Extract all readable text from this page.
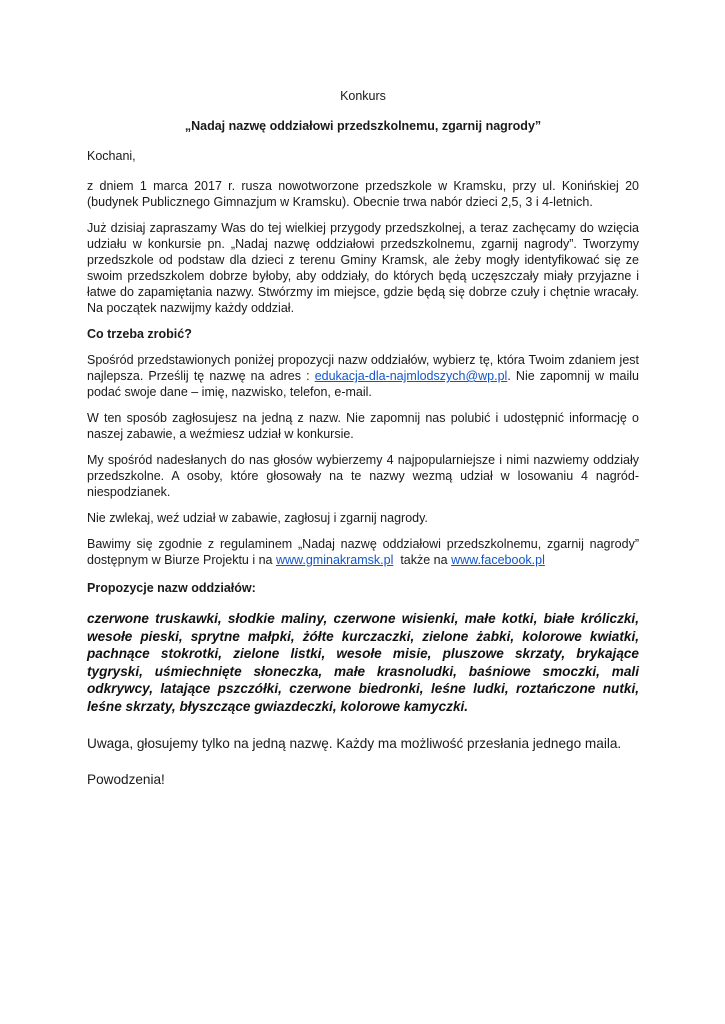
Konkurs

„Nadaj nazwę oddziałowi przedszkolnemu, zgarnij nagrody”

Kochani,

z dniem 1 marca 2017 r. rusza nowotworzone przedszkole w Kramsku, przy ul. Konińskiej 20 (budynek Publicznego Gimnazjum w Kramsku). Obecnie trwa nabór dzieci 2,5, 3 i 4-letnich.

Już dzisiaj zapraszamy Was do tej wielkiej przygody przedszkolnej, a teraz zachęcamy do wzięcia udziału w konkursie pn. „Nadaj nazwę oddziałowi przedszkolnemu, zgarnij nagrody”. Tworzymy przedszkole od podstaw dla dzieci z terenu Gminy Kramsk, ale żeby mogły identyfikować się ze swoim przedszkolem dobrze byłoby, aby oddziały, do których będą uczęszczały miały przyjazne i łatwe do zapamiętania nazwy. Stwórzmy im miejsce, gdzie będą się dobrze czuły i chętnie wracały. Na początek nazwijmy każdy oddział.

Co trzeba zrobić?

Spośród przedstawionych poniżej propozycji nazw oddziałów, wybierz tę, która Twoim zdaniem jest najlepsza. Prześlij tę nazwę na adres : edukacja-dla-najmlodszych@wp.pl. Nie zapomnij w mailu podać swoje dane – imię, nazwisko, telefon, e-mail.

W ten sposób zagłosujesz na jedną z nazw. Nie zapomnij nas polubić i udostępnić informację o naszej zabawie, a weźmiesz udział w konkursie.

My spośród nadesłanych do nas głosów wybierzemy 4 najpopularniejsze i nimi nazwiemy oddziały przedszkolne. A osoby, które głosowały na te nazwy wezmą udział w losowaniu 4 nagród-niespodzianek.

Nie zwlekaj, weź udział w zabawie, zagłosuj i zgarnij nagrody.

Bawimy się zgodnie z regulaminem „Nadaj nazwę oddziałowi przedszkolnemu, zgarnij nagrody” dostępnym w Biurze Projektu i na www.gminakramsk.pl  także na www.facebook.pl

Propozycje nazw oddziałów:

czerwone truskawki, słodkie maliny, czerwone wisienki, małe kotki, białe króliczki, wesołe pieski, sprytne małpki, żółte kurczaczki, zielone żabki, kolorowe kwiatki, pachnące stokrotki, zielone listki, wesołe misie, pluszowe skrzaty, brykające tygryski, uśmiechnięte słoneczka, małe krasnoludki, baśniowe smoczki, mali odkrywcy, latające pszczółki, czerwone biedronki, leśne ludki, roztańczone nutki, leśne skrzaty, błyszczące gwiazdeczki, kolorowe kamyczki.

Uwaga, głosujemy tylko na jedną nazwę. Każdy ma możliwość przesłania jednego maila.

Powodzenia!
